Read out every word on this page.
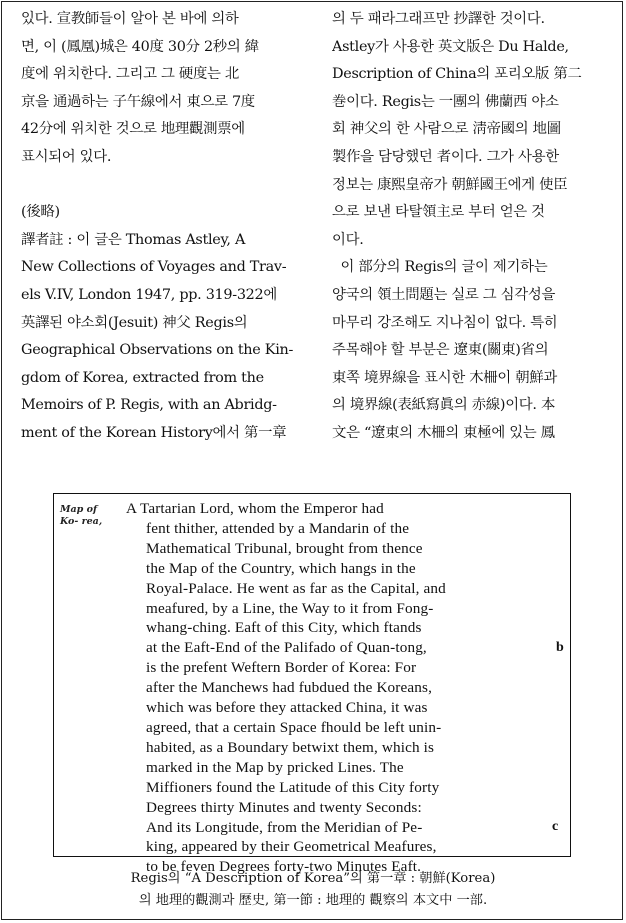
있다. 宣教師들이 알아 본 바에 의하
면, 이 (鳳凰)城은 40度 30分 2秒의 緯
度에 위치한다. 그리고 그 硬度는 北
京을 通過하는 子午線에서 東으로 7度
42分에 위치한 것으로 地理觀測票에
표시되어 있다.
(後略)
譯者註 : 이 글은 Thomas Astley, A
New Collections of Voyages and Trav-
els V.IV, London 1947, pp. 319-322에
英譯된 야소회(Jesuit) 神父 Regis의
Geographical Observations on the Kin-
gdom of Korea, extracted from the
Memoirs of P. Regis, with an Abridg-
ment of the Korean History에서 第一章
의 두 패라그래프만 抄譯한 것이다.
Astley가 사용한 英文版은 Du Halde,
Description of China의 포리오版 第二
巻이다. Regis는 一團의 佛蘭西 야소
회 神父의 한 사람으로 淸帝國의 地圖
製作을 담당했던 者이다. 그가 사용한
정보는 康熙皇帝가 朝鮮國王에게 使臣
으로 보낸 타탈領主로 부터 얻은 것
이다.
이 部分의 Regis의 글이 제기하는
양국의 領土問題는 실로 그 심각성을
마무리 강조해도 지나침이 없다. 특히
주목해야 할 부분은 遼東(關東)省의
東쪽 境界線을 표시한 木柵이 朝鮮과
의 境界線(表紙寫眞의 赤線)이다. 本
文은 “遼東의 木柵의 東極에 있는 鳳
Map of Ko- rea,
A Tartarian Lord, whom the Emperor had
fent thither, attended by a Mandarin of the
Mathematical Tribunal, brought from thence
the Map of the Country, which hangs in the
Royal-Palace. He went as far as the Capital, and
meafured, by a Line, the Way to it from Fong-
whang-ching. Eaft of this City, which ftands
at the Eaft-End of the Palifado of Quan-tong,
is the prefent Weftern Border of Korea: For
after the Manchews had fubdued the Koreans,
which was before they attacked China, it was
agreed, that a certain Space fhould be left unin-
habited, as a Boundary betwixt them, which is
marked in the Map by pricked Lines. The
Miffioners found the Latitude of this City forty
Degrees thirty Minutes and twenty Seconds:
And its Longitude, from the Meridian of Pe-
king, appeared by their Geometrical Meafures,
to be feven Degrees forty-two Minutes Eaft.
b
c
Regis의 “A Description of Korea”의 第一章 : 朝鮮(Korea)
의 地理的觀測과 歷史, 第一節 : 地理的 觀察의 本文中 一部.
